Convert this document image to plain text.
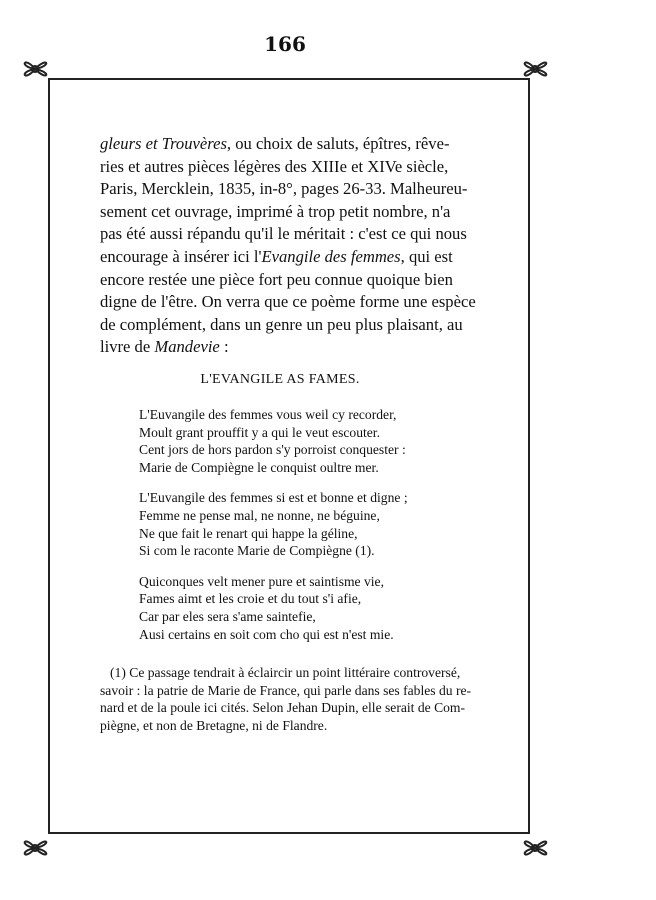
166

gleurs et Trouvères, ou choix de saluts, épîtres, rêve-

ries et autres pièces légères des XIIIe et XIVe siècle,

Paris, Mercklein, 1835, in-8°, pages 26-33. Malheureu-

sement cet ouvrage, imprimé à trop petit nombre, n'a

pas été aussi répandu qu'il le méritait : c'est ce qui nous

encourage à insérer ici l'Evangile des femmes, qui est

encore restée une pièce fort peu connue quoique bien

digne de l'être. On verra que ce poème forme une espèce

de complément, dans un genre un peu plus plaisant, au

livre de Mandevie :

L'EVANGILE AS FAMES.
L'Euvangile des femmes vous weil cy recorder,
Moult grant prouffit y a qui le veut escouter.
Cent jors de hors pardon s'y porroist conquester :
Marie de Compiègne le conquist oultre mer.
L'Euvangile des femmes si est et bonne et digne ;
Femme ne pense mal, ne nonne, ne béguine,
Ne que fait le renart qui happe la géline,
Si com le raconte Marie de Compiègne (1).
Quiconques velt mener pure et saintisme vie,
Fames aimt et les croie et du tout s'i afie,
Car par eles sera s'ame saintefie,
Ausi certains en soit com cho qui est n'est mie.

(1) Ce passage tendrait à éclaircir un point littéraire controversé,

savoir : la patrie de Marie de France, qui parle dans ses fables du re-

nard et de la poule ici cités. Selon Jehan Dupin, elle serait de Com-

piègne, et non de Bretagne, ni de Flandre.
